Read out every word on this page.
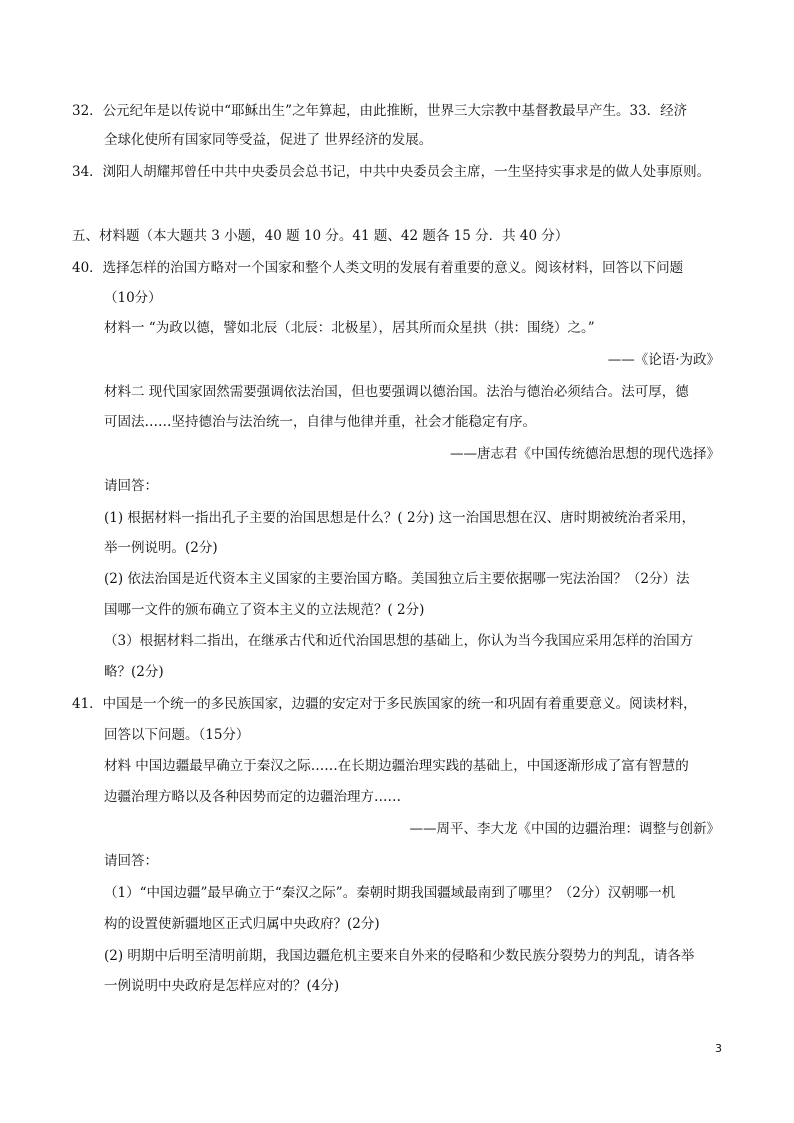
32．公元纪年是以传说中“耶稣出生”之年算起，由此推断，世界三大宗教中基督教最早产生。33．经济
全球化使所有国家同等受益，促进了 世界经济的发展。
34．浏阳人胡耀邦曾任中共中央委员会总书记，中共中央委员会主席，一生坚持实事求是的做人处事原则。
五、材料题（本大题共 3 小题，40 题 10 分。41 题、42 题各 15 分．共 40 分）
40．选择怎样的治国方略对一个国家和整个人类文明的发展有着重要的意义。阅该材料，回答以下问题
（10分）
材料一 “为政以德，譬如北辰（北辰：北极星），居其所而众星拱（拱：围绕）之。”
——《论语·为政》
材料二 现代国家固然需要强调依法治国，但也要强调以德治国。法治与德治必须结合。法可厚，德
可固法……坚持德治与法治统一，自律与他律并重，社会才能稳定有序。
——唐志君《中国传统德治思想的现代选择》
请回答：
(1) 根据材料一指出孔子主要的治国思想是什么？( 2分) 这一治国思想在汉、唐时期被统治者采用，
举一例说明。(2分)
(2) 依法治国是近代资本主义国家的主要治国方略。美国独立后主要依据哪一宪法治国？（2分）法
国哪一文件的颁布确立了资本主义的立法规范？( 2分)
（3）根据材料二指出，在继承古代和近代治国思想的基础上，你认为当今我国应采用怎样的治国方
略？(2分)
41．中国是一个统一的多民族国家，边疆的安定对于多民族国家的统一和巩固有着重要意义。阅读材料，
回答以下问题。（15分）
材料 中国边疆最早确立于秦汉之际……在长期边疆治理实践的基础上，中国逐渐形成了富有智慧的
边疆治理方略以及各种因势而定的边疆治理方……
——周平、李大龙《中国的边疆治理：调整与创新》
请回答：
（1）“中国边疆”最早确立于“秦汉之际”。秦朝时期我国疆域最南到了哪里？（2分）汉朝哪一机
构的设置使新疆地区正式归属中央政府？(2分)
(2) 明期中后明至清明前期，我国边疆危机主要来自外来的侵略和少数民族分裂势力的判乱，请各举
一例说明中央政府是怎样应对的？(4分)
3
